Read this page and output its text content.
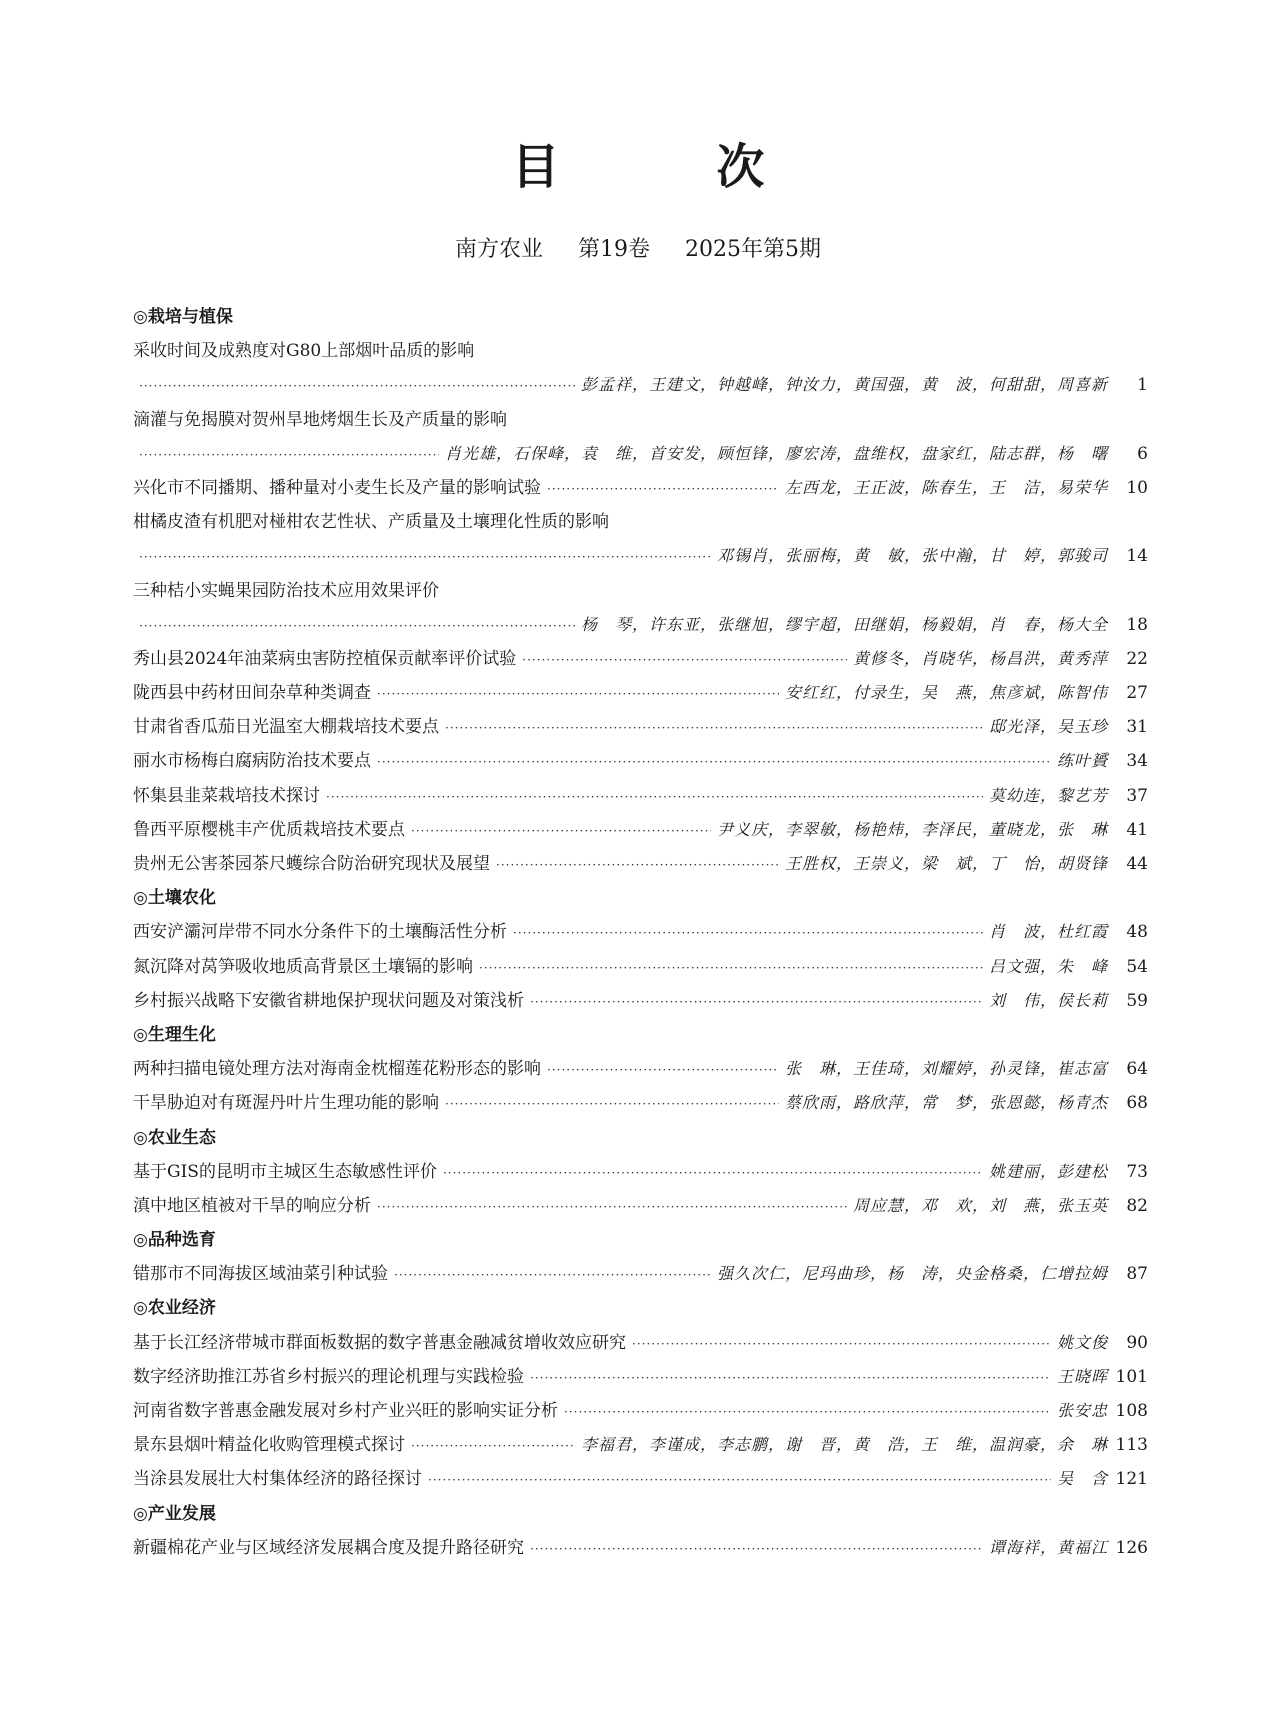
目 次
南方农业 第19卷 2025年第5期
◎栽培与植保
采收时间及成熟度对G80上部烟叶品质的影响
·····
彭孟祥，王建文，钟越峰，钟汝力，黄国强，黄　波，何甜甜，周喜新	1
滴灌与免揭膜对贺州旱地烤烟生长及产质量的影响
·····
肖光雄，石保峰，袁　维，首安发，顾恒锋，廖宏涛，盘维权，盘家红，陆志群，杨　曙	6
兴化市不同播期、播种量对小麦生长及产量的影响试验 ·····	左西龙，王正波，陈春生，王　洁，易荣华	10
柑橘皮渣有机肥对椪柑农艺性状、产质量及土壤理化性质的影响
·····
邓锡肖，张丽梅，黄　敏，张中瀚，甘　婷，郭骏司	14
三种桔小实蝇果园防治技术应用效果评价
·····
杨　琴，许东亚，张继旭，缪宇超，田继娟，杨毅娟，肖　春，杨大全	18
秀山县2024年油菜病虫害防控植保贡献率评价试验 ·····	黄修冬，肖晓华，杨昌洪，黄秀萍	22
陇西县中药材田间杂草种类调查 ·····	安红红，付录生，吴　燕，焦彦斌，陈智伟	27
甘肃省香瓜茄日光温室大棚栽培技术要点 ·····	邸光泽，吴玉珍	31
丽水市杨梅白腐病防治技术要点 ·····	练叶贇	34
怀集县韭菜栽培技术探讨 ·····	莫幼连，黎艺芳	37
鲁西平原樱桃丰产优质栽培技术要点 ·····	尹义庆，李翠敏，杨艳炜，李泽民，董晓龙，张　琳	41
贵州无公害茶园茶尺蠖综合防治研究现状及展望 ·····	王胜权，王崇义，梁　斌，丁　怡，胡贤锋	44
◎土壤农化
西安浐灞河岸带不同水分条件下的土壤酶活性分析 ·····	肖　波，杜红霞	48
氮沉降对莴笋吸收地质高背景区土壤镉的影响 ·····	吕文强，朱　峰	54
乡村振兴战略下安徽省耕地保护现状问题及对策浅析 ·····	刘　伟，侯长莉	59
◎生理生化
两种扫描电镜处理方法对海南金枕榴莲花粉形态的影响 ·····	张　琳，王佳琦，刘耀婷，孙灵锋，崔志富	64
干旱胁迫对有斑渥丹叶片生理功能的影响 ·····	蔡欣雨，路欣萍，常　梦，张恩懿，杨青杰	68
◎农业生态
基于GIS的昆明市主城区生态敏感性评价 ·····	姚建丽，彭建松	73
滇中地区植被对干旱的响应分析 ·····	周应慧，邓　欢，刘　燕，张玉英	82
◎品种选育
错那市不同海拔区域油菜引种试验 ·····	强久次仁，尼玛曲珍，杨　涛，央金格桑，仁增拉姆	87
◎农业经济
基于长江经济带城市群面板数据的数字普惠金融减贫增收效应研究 ·····	姚文俊	90
数字经济助推江苏省乡村振兴的理论机理与实践检验 ·····	王晓晖 101
河南省数字普惠金融发展对乡村产业兴旺的影响实证分析 ·····	张安忠 108
景东县烟叶精益化收购管理模式探讨 ·····	李福君，李谨成，李志鹏，谢　晋，黄　浩，王　维，温润豪，余　琳 113
当涂县发展壮大村集体经济的路径探讨 ·····	吴　含 121
◎产业发展
新疆棉花产业与区域经济发展耦合度及提升路径研究 ·····	谭海祥，黄福江 126
